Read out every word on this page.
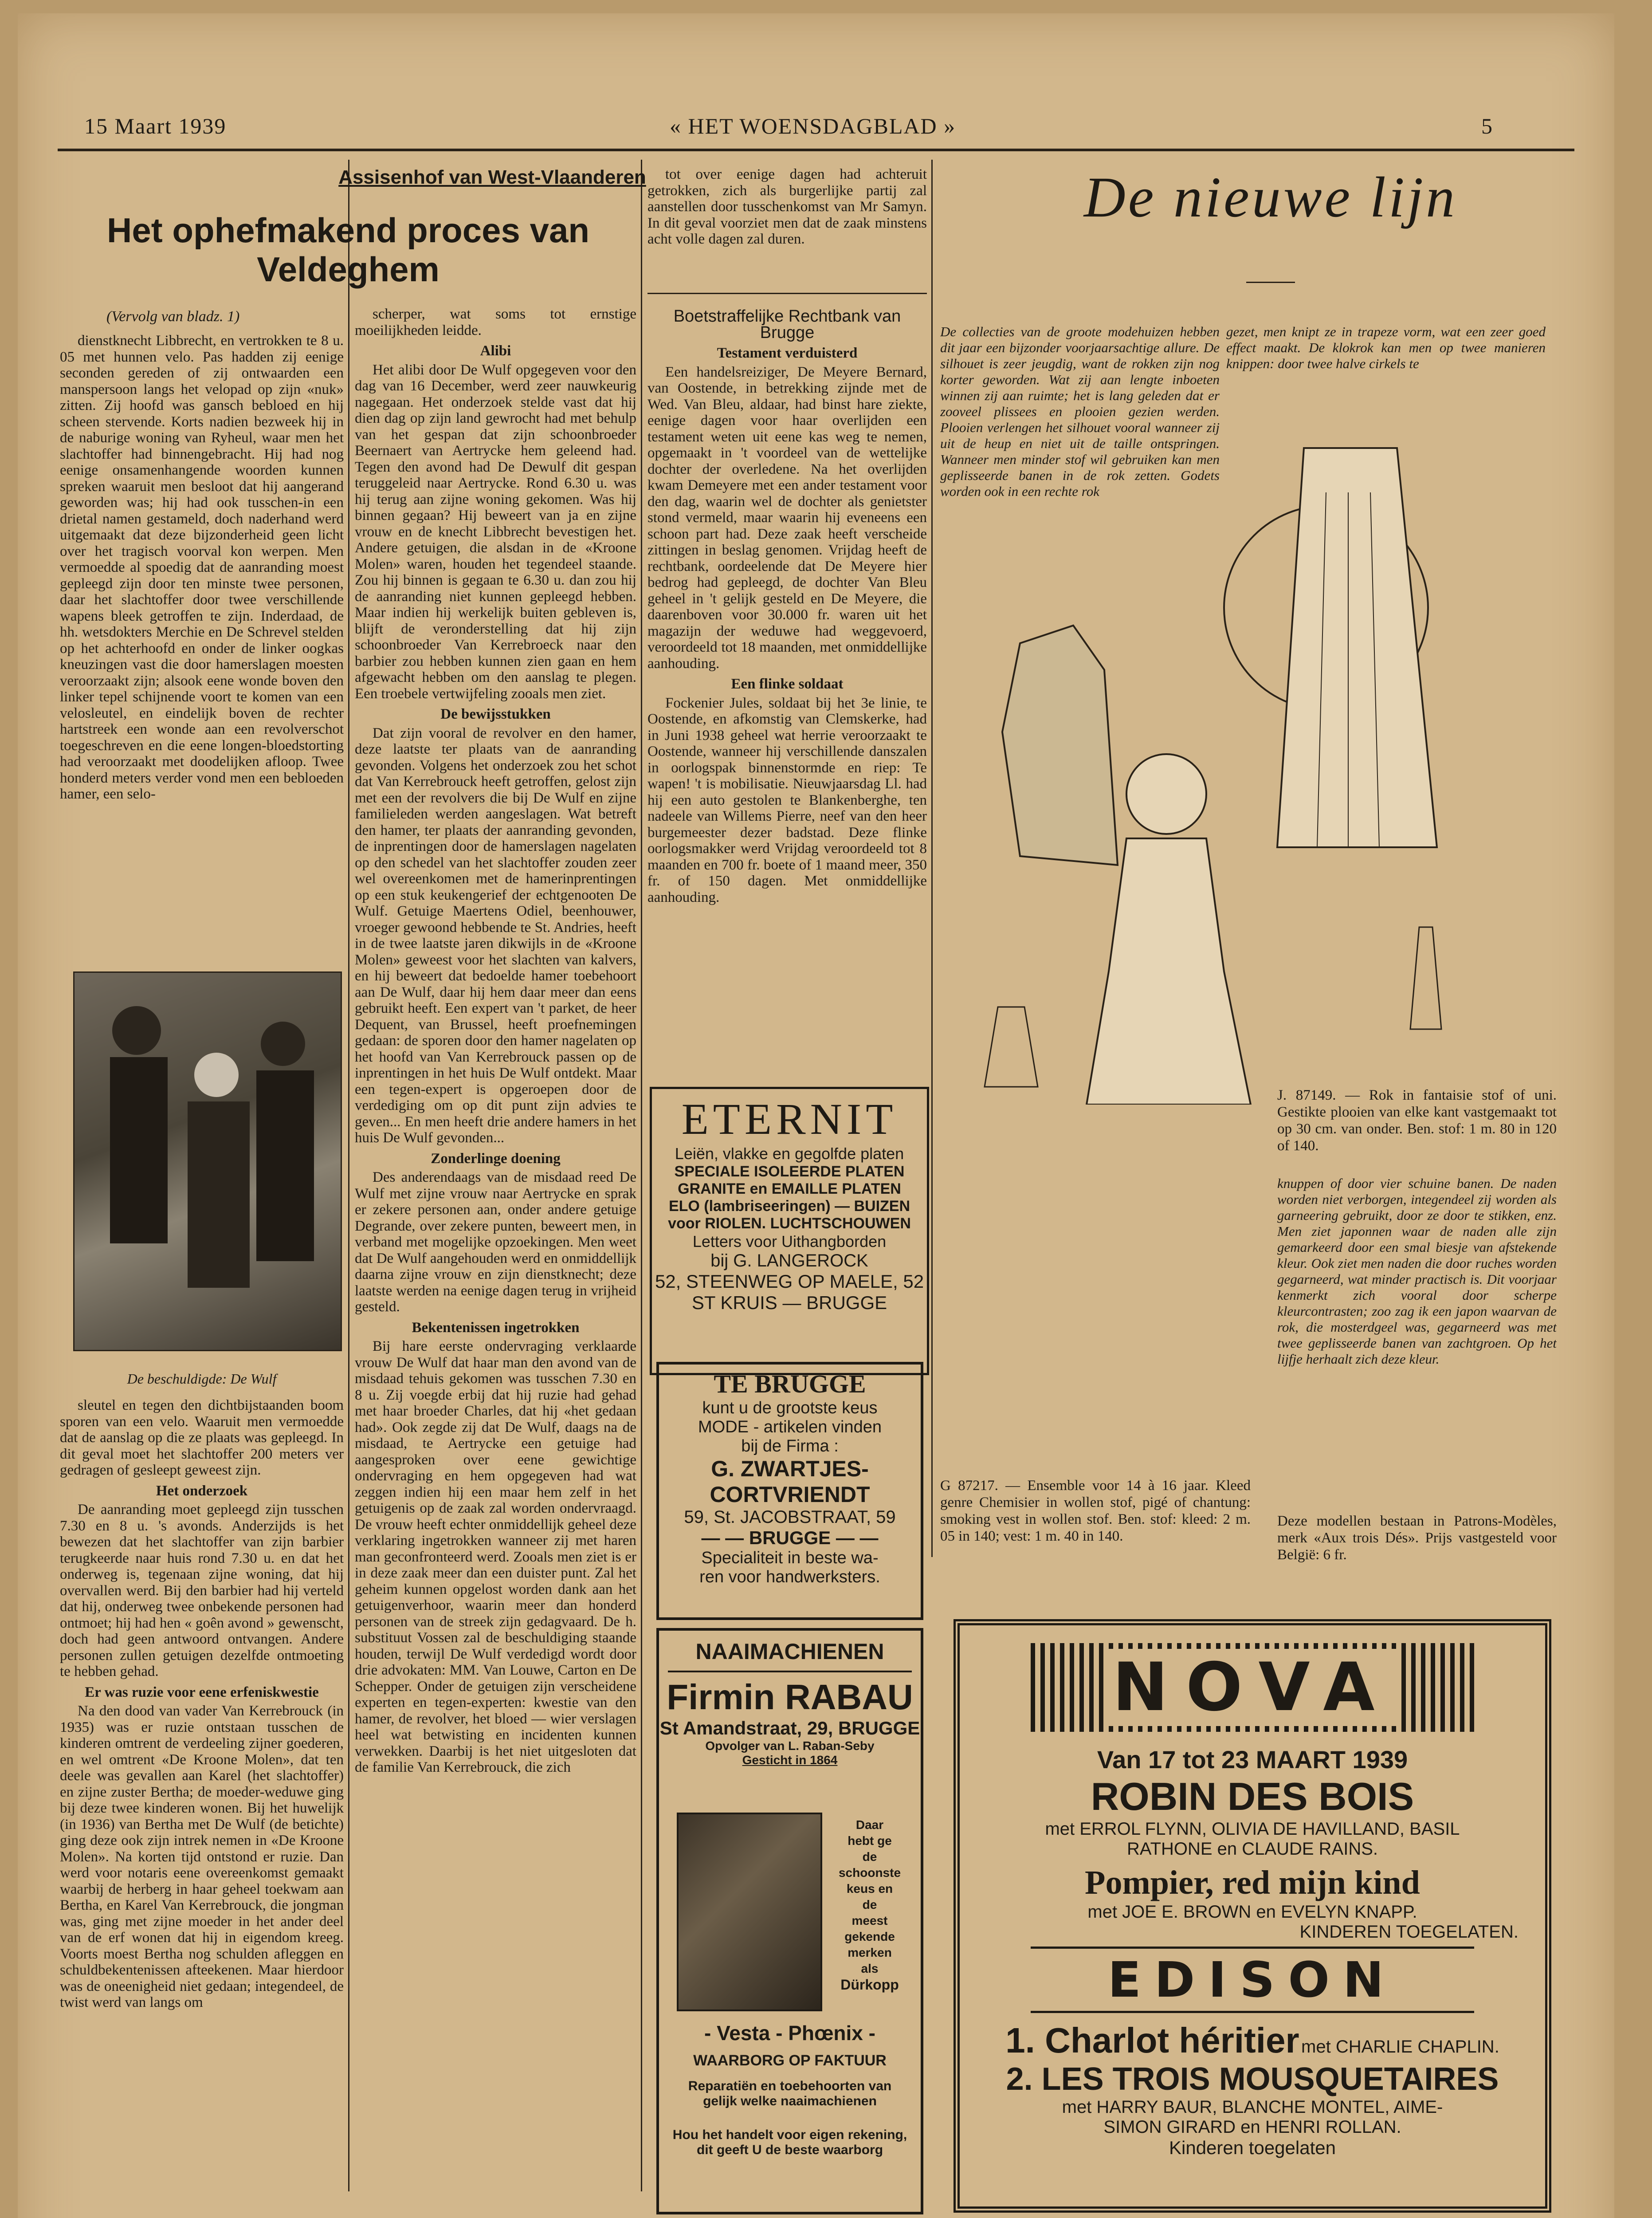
15 Maart 1939	« HET WOENSDAGBLAD »	5
Assisenhof van West-Vlaanderen
Het ophefmakend proces van Veldeghem
(Vervolg van bladz. 1)

dienstknecht Libbrecht, en vertrokken te 8 u. 05 met hunnen velo. Pas hadden zij eenige seconden gereden of zij ontwaarden een manspersoon langs het velopad op zijn «nuk» zitten. Zij hoofd was gansch bebloed en hij scheen stervende. Korts nadien bezweek hij in de naburige woning van Ryheul, waar men het slachtoffer had binnengebracht. Hij had nog eenige onsamenhangende woorden kunnen spreken waaruit men besloot dat hij aangerand geworden was; hij had ook tusschen-in een drietal namen gestameld, doch naderhand werd uitgemaakt dat deze bijzonderheid geen licht over het tragisch voorval kon werpen. Men vermoedde al spoedig dat de aanranding moest gepleegd zijn door ten minste twee personen, daar het slachtoffer door twee verschillende wapens bleek getroffen te zijn. Inderdaad, de hh. wetsdokters Merchie en De Schrevel stelden op het achterhoofd en onder de linker oogkas kneuzingen vast die door hamerslagen moesten veroorzaakt zijn; alsook eene wonde boven den linker tepel schijnende voort te komen van een velosleutel, en eindelijk boven de rechter hartstreek een wonde aan een revolverschot toegeschreven en die eene longen-bloedstorting had veroorzaakt met doodelijken afloop. Twee honderd meters verder vond men een bebloeden hamer, een selo-

De beschuldigde: De Wulf

sleutel en tegen den dichtbijstaanden boom sporen van een velo. Waaruit men vermoedde dat de aanslag op die ze plaats was gepleegd. In dit geval moet het slachtoffer 200 meters ver gedragen of gesleept geweest zijn.

Het onderzoek

De aanranding moet gepleegd zijn tusschen 7.30 en 8 u. 's avonds. Anderzijds is het bewezen dat het slachtoffer van zijn barbier terugkeerde naar huis rond 7.30 u. en dat het onderweg is, tegenaan zijne woning, dat hij overvallen werd. Bij den barbier had hij verteld dat hij, onderweg twee onbekende personen had ontmoet; hij had hen « goên avond » gewenscht, doch had geen antwoord ontvangen. Andere personen zullen getuigen dezelfde ontmoeting te hebben gehad.

Er was ruzie voor eene erfeniskwestie

Na den dood van vader Van Kerrebrouck (in 1935) was er ruzie ontstaan tusschen de kinderen omtrent de verdeeling zijner goederen, en wel omtrent «De Kroone Molen», dat ten deele was gevallen aan Karel (het slachtoffer) en zijne zuster Bertha; de moeder-weduwe ging bij deze twee kinderen wonen. Bij het huwelijk (in 1936) van Bertha met De Wulf (de betichte) ging deze ook zijn intrek nemen in «De Kroone Molen». Na korten tijd ontstond er ruzie. Dan werd voor notaris eene overeenkomst gemaakt waarbij de herberg in haar geheel toekwam aan Bertha, en Karel Van Kerrebrouck, die jongman was, ging met zijne moeder in het ander deel van de erf wonen dat hij in eigendom kreeg. Voorts moest Bertha nog schulden afleggen en schuldbekentenissen afteekenen. Maar hierdoor was de oneenigheid niet gedaan; integendeel, de twist werd van langs om

scherper, wat soms tot ernstige moeilijkheden leidde.

Alibi

Het alibi door De Wulf opgegeven voor den dag van 16 December, werd zeer nauwkeurig nagegaan. Het onderzoek stelde vast dat hij dien dag op zijn land gewrocht had met behulp van het gespan dat zijn schoonbroeder Beernaert van Aertrycke hem geleend had. Tegen den avond had De Dewulf dit gespan teruggeleid naar Aertrycke. Rond 6.30 u. was hij terug aan zijne woning gekomen. Was hij binnen gegaan? Hij beweert van ja en zijne vrouw en de knecht Libbrecht bevestigen het. Andere getuigen, die alsdan in de «Kroone Molen» waren, houden het tegendeel staande. Zou hij binnen is gegaan te 6.30 u. dan zou hij de aanranding niet kunnen gepleegd hebben. Maar indien hij werkelijk buiten gebleven is, blijft de veronderstelling dat hij zijn schoonbroeder Van Kerrebroeck naar den barbier zou hebben kunnen zien gaan en hem afgewacht hebben om den aanslag te plegen. Een troebele vertwijfeling zooals men ziet.

De bewijsstukken

Dat zijn vooral de revolver en den hamer, deze laatste ter plaats van de aanranding gevonden. Volgens het onderzoek zou het schot dat Van Kerrebrouck heeft getroffen, gelost zijn met een der revolvers die bij De Wulf en zijne familieleden werden aangeslagen. Wat betreft den hamer, ter plaats der aanranding gevonden, de inprentingen door de hamerslagen nagelaten op den schedel van het slachtoffer zouden zeer wel overeenkomen met de hamerinprentingen op een stuk keukengerief der echtgenooten De Wulf. Getuige Maertens Odiel, beenhouwer, vroeger gewoond hebbende te St. Andries, heeft in de twee laatste jaren dikwijls in de «Kroone Molen» geweest voor het slachten van kalvers, en hij beweert dat bedoelde hamer toebehoort aan De Wulf, daar hij hem daar meer dan eens gebruikt heeft. Een expert van 't parket, de heer Dequent, van Brussel, heeft proefnemingen gedaan: de sporen door den hamer nagelaten op het hoofd van Van Kerrebrouck passen op de inprentingen in het huis De Wulf ontdekt. Maar een tegen-expert is opgeroepen door de verdediging om op dit punt zijn advies te geven... En men heeft drie andere hamers in het huis De Wulf gevonden...

Zonderlinge doening

Des anderendaags van de misdaad reed De Wulf met zijne vrouw naar Aertrycke en sprak er zekere personen aan, onder andere getuige Degrande, over zekere punten, beweert men, in verband met mogelijke opzoekingen. Men weet dat De Wulf aangehouden werd en onmiddellijk daarna zijne vrouw en zijn dienstknecht; deze laatste werden na eenige dagen terug in vrijheid gesteld.

Bekentenissen ingetrokken

Bij hare eerste ondervraging verklaarde vrouw De Wulf dat haar man den avond van de misdaad tehuis gekomen was tusschen 7.30 en 8 u. Zij voegde erbij dat hij ruzie had gehad met haar broeder Charles, dat hij «het gedaan had». Ook zegde zij dat De Wulf, daags na de misdaad, te Aertrycke een getuige had aangesproken over eene gewichtige ondervraging en hem opgegeven had wat zeggen indien hij een maar hem zelf in het getuigenis op de zaak zal worden ondervraagd. De vrouw heeft echter onmiddellijk geheel deze verklaring ingetrokken wanneer zij met haren man geconfronteerd werd. Zooals men ziet is er in deze zaak meer dan een duister punt. Zal het geheim kunnen opgelost worden dank aan het getuigenverhoor, waarin meer dan honderd personen van de streek zijn gedagvaard. De h. substituut Vossen zal de beschuldiging staande houden, terwijl De Wulf verdedigd wordt door drie advokaten: MM. Van Louwe, Carton en De Schepper. Onder de getuigen zijn verscheidene experten en tegen-experten: kwestie van den hamer, de revolver, het bloed — wier verslagen heel wat betwisting en incidenten kunnen verwekken. Daarbij is het niet uitgesloten dat de familie Van Kerrebrouck, die zich

tot over eenige dagen had achteruit getrokken, zich als burgerlijke partij zal aanstellen door tusschenkomst van Mr Samyn. In dit geval voorziet men dat de zaak minstens acht volle dagen zal duren.

Boetstraffelijke Rechtbank van Brugge
Testament verduisterd

Een handelsreiziger, De Meyere Bernard, van Oostende, in betrekking zijnde met de Wed. Van Bleu, aldaar, had binst hare ziekte, eenige dagen voor haar overlijden een testament weten uit eene kas weg te nemen, opgemaakt in 't voordeel van de wettelijke dochter der overledene. Na het overlijden kwam Demeyere met een ander testament voor den dag, waarin wel de dochter als genietster stond vermeld, maar waarin hij eveneens een schoon part had. Deze zaak heeft verscheide zittingen in beslag genomen. Vrijdag heeft de rechtbank, oordeelende dat De Meyere hier bedrog had gepleegd, de dochter Van Bleu geheel in 't gelijk gesteld en De Meyere, die daarenboven voor 30.000 fr. waren uit het magazijn der weduwe had weggevoerd, veroordeeld tot 18 maanden, met onmiddellijke aanhouding.

Een flinke soldaat

Fockenier Jules, soldaat bij het 3e linie, te Oostende, en afkomstig van Clemskerke, had in Juni 1938 geheel wat herrie veroorzaakt te Oostende, wanneer hij verschillende danszalen in oorlogspak binnenstormde en riep: Te wapen! 't is mobilisatie. Nieuwjaarsdag Ll. had hij een auto gestolen te Blankenberghe, ten nadeele van Willems Pierre, neef van den heer burgemeester dezer badstad. Deze flinke oorlogsmakker werd Vrijdag veroordeeld tot 8 maanden en 700 fr. boete of 1 maand meer, 350 fr. of 150 dagen. Met onmiddellijke aanhouding.

ETERNIT
Leiën, vlakke en gegolfde platen
SPECIALE ISOLEERDE PLATEN
GRANITE en EMAILLE PLATEN
ELO (lambriseeringen) — BUIZEN
voor RIOLEN. LUCHTSCHOUWEN
Letters voor Uithangborden
bij G. LANGEROCK
52, STEENWEG OP MAELE, 52
ST KRUIS — BRUGGE
TE BRUGGE
kunt u de grootste keus
MODE - artikelen vinden
bij de Firma :
G. ZWARTJES-
CORTVRIENDT
59, St. JACOBSTRAAT, 59
— — BRUGGE — —
Specialiteit in beste wa-
ren voor handwerksters.
NAAIMACHIENEN
Firmin RABAU
St Amandstraat, 29, BRUGGE
Opvolger van L. Raban-Seby
Gesticht in 1864
Daar
hebt ge
de
schoonste
keus en
de
meest
gekende
merken
als
Dürkopp
- Vesta - Phœnix -
WAARBORG OP FAKTUUR
Reparatiën en toebehoorten van gelijk welke naaimachienen
Hou het handelt voor eigen rekening, dit geeft U de beste waarborg
De nieuwe lijn
De collecties van de groote modehuizen hebben dit jaar een bijzonder voorjaarsachtige allure. De silhouet is zeer jeugdig, want de rokken zijn nog korter geworden. Wat zij aan lengte inboeten winnen zij aan ruimte; het is lang geleden dat er zooveel plissees en plooien gezien werden. Plooien verlengen het silhouet vooral wanneer zij uit de heup en niet uit de taille ontspringen. Wanneer men minder stof wil gebruiken kan men geplisseerde banen in de rok zetten. Godets worden ook in een rechte rok
gezet, men knipt ze in trapeze vorm, wat een zeer goed effect maakt. De klokrok kan men op twee manieren knippen: door twee halve cirkels te
J. 87149. — Rok in fantaisie stof of uni. Gestikte plooien van elke kant vastgemaakt tot op 30 cm. van onder. Ben. stof: 1 m. 80 in 120 of 140.
knuppen of door vier schuine banen. De naden worden niet verborgen, integendeel zij worden als garneering gebruikt, door ze door te stikken, enz. Men ziet japonnen waar de naden alle zijn gemarkeerd door een smal biesje van afstekende kleur. Ook ziet men naden die door ruches worden gegarneerd, wat minder practisch is. Dit voorjaar kenmerkt zich vooral door scherpe kleurcontrasten; zoo zag ik een japon waarvan de rok, die mosterdgeel was, gegarneerd was met twee geplisseerde banen van zachtgroen. Op het lijfje herhaalt zich deze kleur.
G 87217. — Ensemble voor 14 à 16 jaar. Kleed genre Chemisier in wollen stof, pigé of chantung: smoking vest in wollen stof. Ben. stof: kleed: 2 m. 05 in 140; vest: 1 m. 40 in 140.
Deze modellen bestaan in Patrons-Modèles, merk «Aux trois Dés». Prijs vastgesteld voor België: 6 fr.
NOVA
Van 17 tot 23 MAART 1939
ROBIN DES BOIS
met ERROL FLYNN, OLIVIA DE HAVILLAND, BASIL
RATHONE en CLAUDE RAINS.
Pompier, red mijn kind
met JOE E. BROWN en EVELYN KNAPP.
KINDEREN TOEGELATEN.
EDISON
1. Charlot héritier met CHARLIE CHAPLIN.
2. LES TROIS MOUSQUETAIRES
met HARRY BAUR, BLANCHE MONTEL, AIME-
SIMON GIRARD en HENRI ROLLAN.
Kinderen toegelaten
